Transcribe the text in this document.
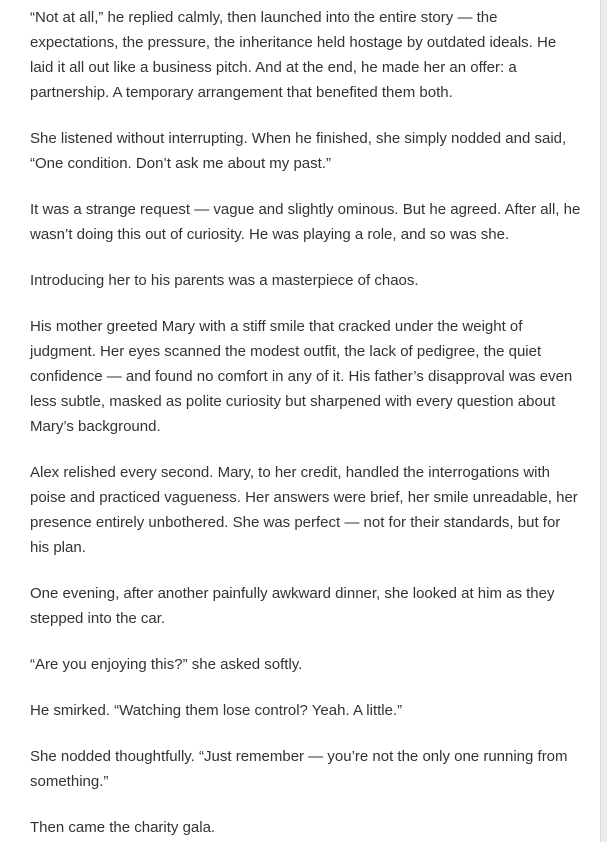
“Not at all,” he replied calmly, then launched into the entire story — the expectations, the pressure, the inheritance held hostage by outdated ideals. He laid it all out like a business pitch. And at the end, he made her an offer: a partnership. A temporary arrangement that benefited them both.

She listened without interrupting. When he finished, she simply nodded and said, “One condition. Don’t ask me about my past.”

It was a strange request — vague and slightly ominous. But he agreed. After all, he wasn’t doing this out of curiosity. He was playing a role, and so was she.

Introducing her to his parents was a masterpiece of chaos.

His mother greeted Mary with a stiff smile that cracked under the weight of judgment. Her eyes scanned the modest outfit, the lack of pedigree, the quiet confidence — and found no comfort in any of it. His father’s disapproval was even less subtle, masked as polite curiosity but sharpened with every question about Mary’s background.

Alex relished every second. Mary, to her credit, handled the interrogations with poise and practiced vagueness. Her answers were brief, her smile unreadable, her presence entirely unbothered. She was perfect — not for their standards, but for his plan.

One evening, after another painfully awkward dinner, she looked at him as they stepped into the car.

“Are you enjoying this?” she asked softly.

He smirked. “Watching them lose control? Yeah. A little.”

She nodded thoughtfully. “Just remember — you’re not the only one running from something.”

Then came the charity gala.
